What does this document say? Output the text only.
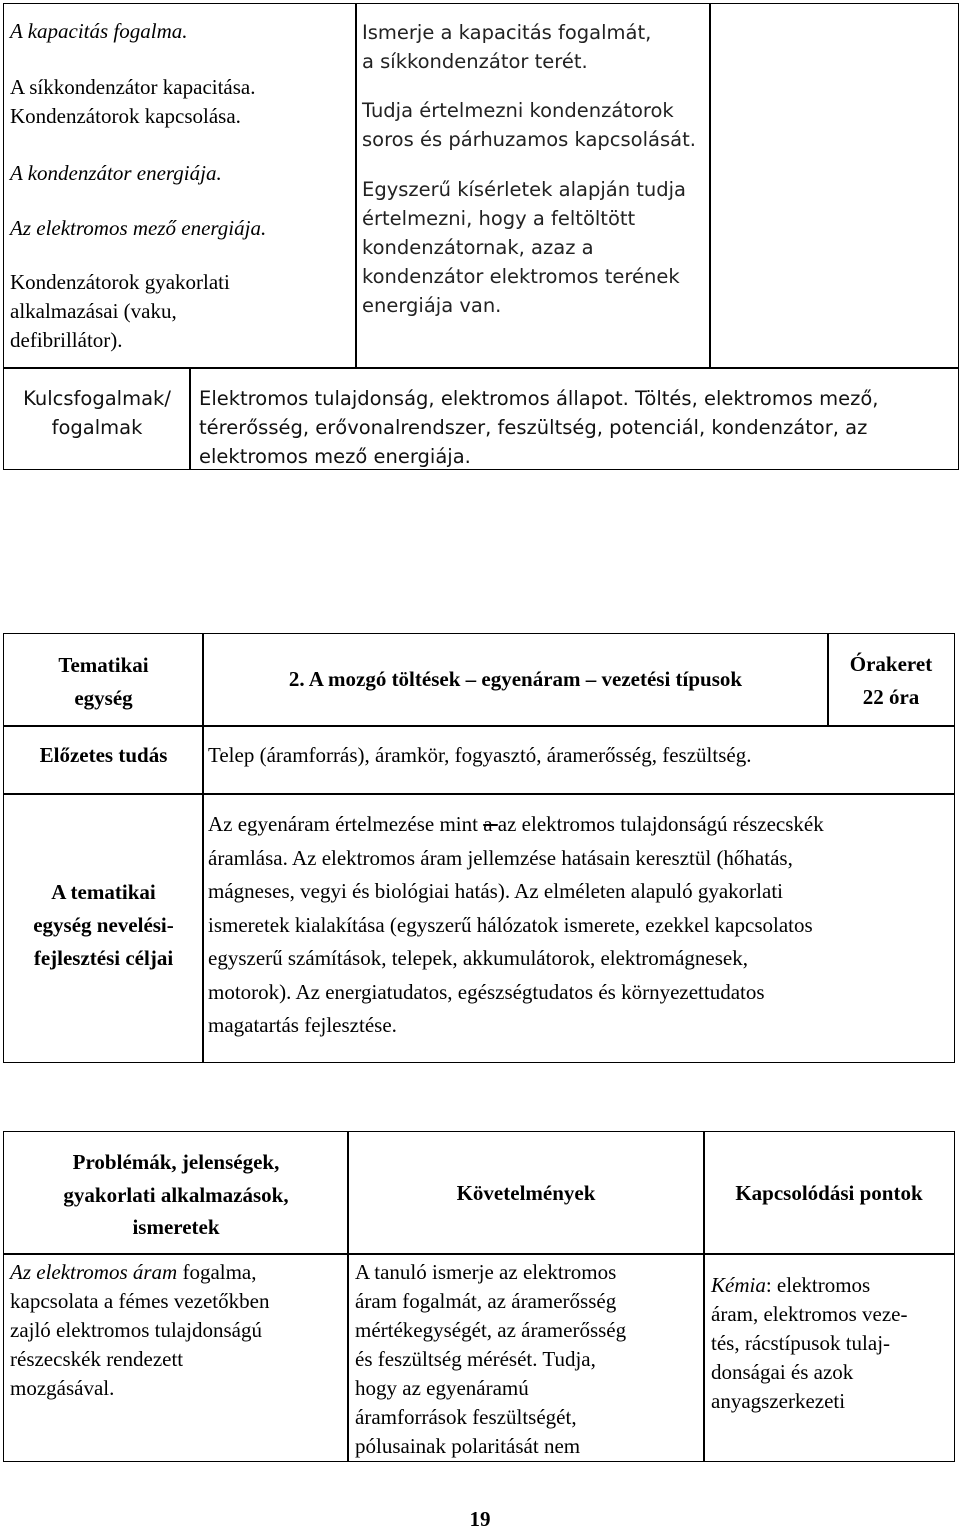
A kapacitás fogalma.
A síkkondenzátor kapacitása.
Kondenzátorok kapcsolása.
A kondenzátor energiája.
Az elektromos mező energiája.
Kondenzátorok gyakorlati
alkalmazásai (vaku,
defibrillátor).
Ismerje a kapacitás fogalmát,
a síkkondenzátor terét.
Tudja értelmezni kondenzátorok
soros és párhuzamos kapcsolását.
Egyszerű kísérletek alapján tudja
értelmezni, hogy a feltöltött
kondenzátornak, azaz a
kondenzátor elektromos terének
energiája van.
Kulcsfogalmak/
fogalmak
Elektromos tulajdonság, elektromos állapot. Töltés, elektromos mező,
térerősség, erővonalrendszer, feszültség, potenciál, kondenzátor, az
elektromos mező energiája.
Tematikai
egység
2. A mozgó töltések – egyenáram – vezetési típusok
Órakeret
22 óra
Előzetes tudás	Telep (áramforrás), áramkör, fogyasztó, áramerősség, feszültség.
A tematikai
egység nevelési-
fejlesztési céljai
Az egyenáram értelmezése mint a az elektromos tulajdonságú részecskék
áramlása. Az elektromos áram jellemzése hatásain keresztül (hőhatás,
mágneses, vegyi és biológiai hatás). Az elméleten alapuló gyakorlati
ismeretek kialakítása (egyszerű hálózatok ismerete, ezekkel kapcsolatos
egyszerű számítások, telepek, akkumulátorok, elektromágnesek,
motorok). Az energiatudatos, egészségtudatos és környezettudatos
magatartás fejlesztése.
Problémák, jelenségek,
gyakorlati alkalmazások,
ismeretek
Követelmények	Kapcsolódási pontok
Az elektromos áram fogalma,
kapcsolata a fémes vezetőkben
zajló elektromos tulajdonságú
részecskék rendezett
mozgásával.
A tanuló ismerje az elektromos
áram fogalmát, az áramerősség
mértékegységét, az áramerősség
és feszültség mérését. Tudja,
hogy az egyenáramú
áramforrások feszültségét,
pólusainak polaritását nem
Kémia: elektromos
áram, elektromos veze-
tés, rácstípusok tulaj-
donságai és azok
anyagszerkezeti
19
